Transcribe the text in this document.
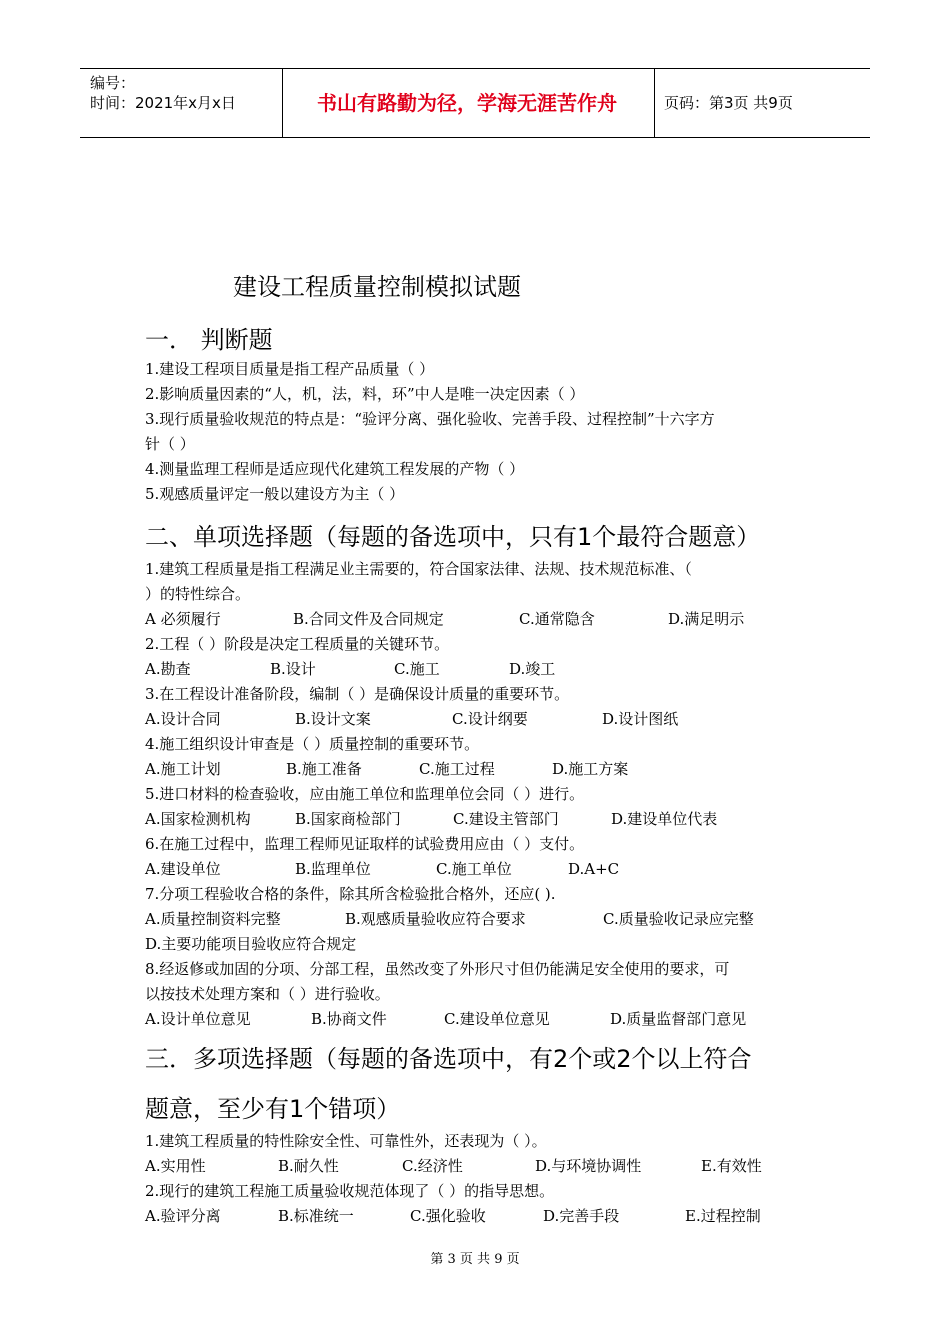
编号：
时间：2021年x月x日	书山有路勤为径，学海无涯苦作舟	页码：第3页 共9页
建设工程质量控制模拟试题
一． 判断题
1.建设工程项目质量是指工程产品质量（ ）
2.影响质量因素的“人，机，法，料，环”中人是唯一决定因素（ ）
3.现行质量验收规范的特点是：“验评分离、强化验收、完善手段、过程控制”十六字方
针（ ）
4.测量监理工程师是适应现代化建筑工程发展的产物（ ）
5.观感质量评定一般以建设方为主（ ）
二、单项选择题（每题的备选项中，只有1个最符合题意）
1.建筑工程质量是指工程满足业主需要的，符合国家法律、法规、技术规范标准、（
）的特性综合。
A 必须履行	B.合同文件及合同规定	C.通常隐含	D.满足明示
2.工程（ ）阶段是决定工程质量的关键环节。
A.勘查	B.设计	C.施工	D.竣工
3.在工程设计准备阶段，编制（ ）是确保设计质量的重要环节。
A.设计合同	B.设计文案	C.设计纲要	D.设计图纸
4.施工组织设计审查是（ ）质量控制的重要环节。
A.施工计划	B.施工准备	C.施工过程	D.施工方案
5.进口材料的检查验收，应由施工单位和监理单位会同（ ）进行。
A.国家检测机构	B.国家商检部门	C.建设主管部门	D.建设单位代表
6.在施工过程中，监理工程师见证取样的试验费用应由（ ）支付。
A.建设单位	B.监理单位	C.施工单位	D.A+C
7.分项工程验收合格的条件，除其所含检验批合格外，还应( ).
A.质量控制资料完整	B.观感质量验收应符合要求	C.质量验收记录应完整
D.主要功能项目验收应符合规定
8.经返修或加固的分项、分部工程，虽然改变了外形尺寸但仍能满足安全使用的要求，可
以按技术处理方案和（ ）进行验收。
A.设计单位意见	B.协商文件	C.建设单位意见	D.质量监督部门意见
三．多项选择题（每题的备选项中，有2个或2个以上符合
题意，至少有1个错项）
1.建筑工程质量的特性除安全性、可靠性外，还表现为（ ）。
A.实用性	B.耐久性	C.经济性	D.与环境协调性	E.有效性
2.现行的建筑工程施工质量验收规范体现了（ ）的指导思想。
A.验评分离	B.标准统一	C.强化验收	D.完善手段	E.过程控制
第 3 页 共 9 页
